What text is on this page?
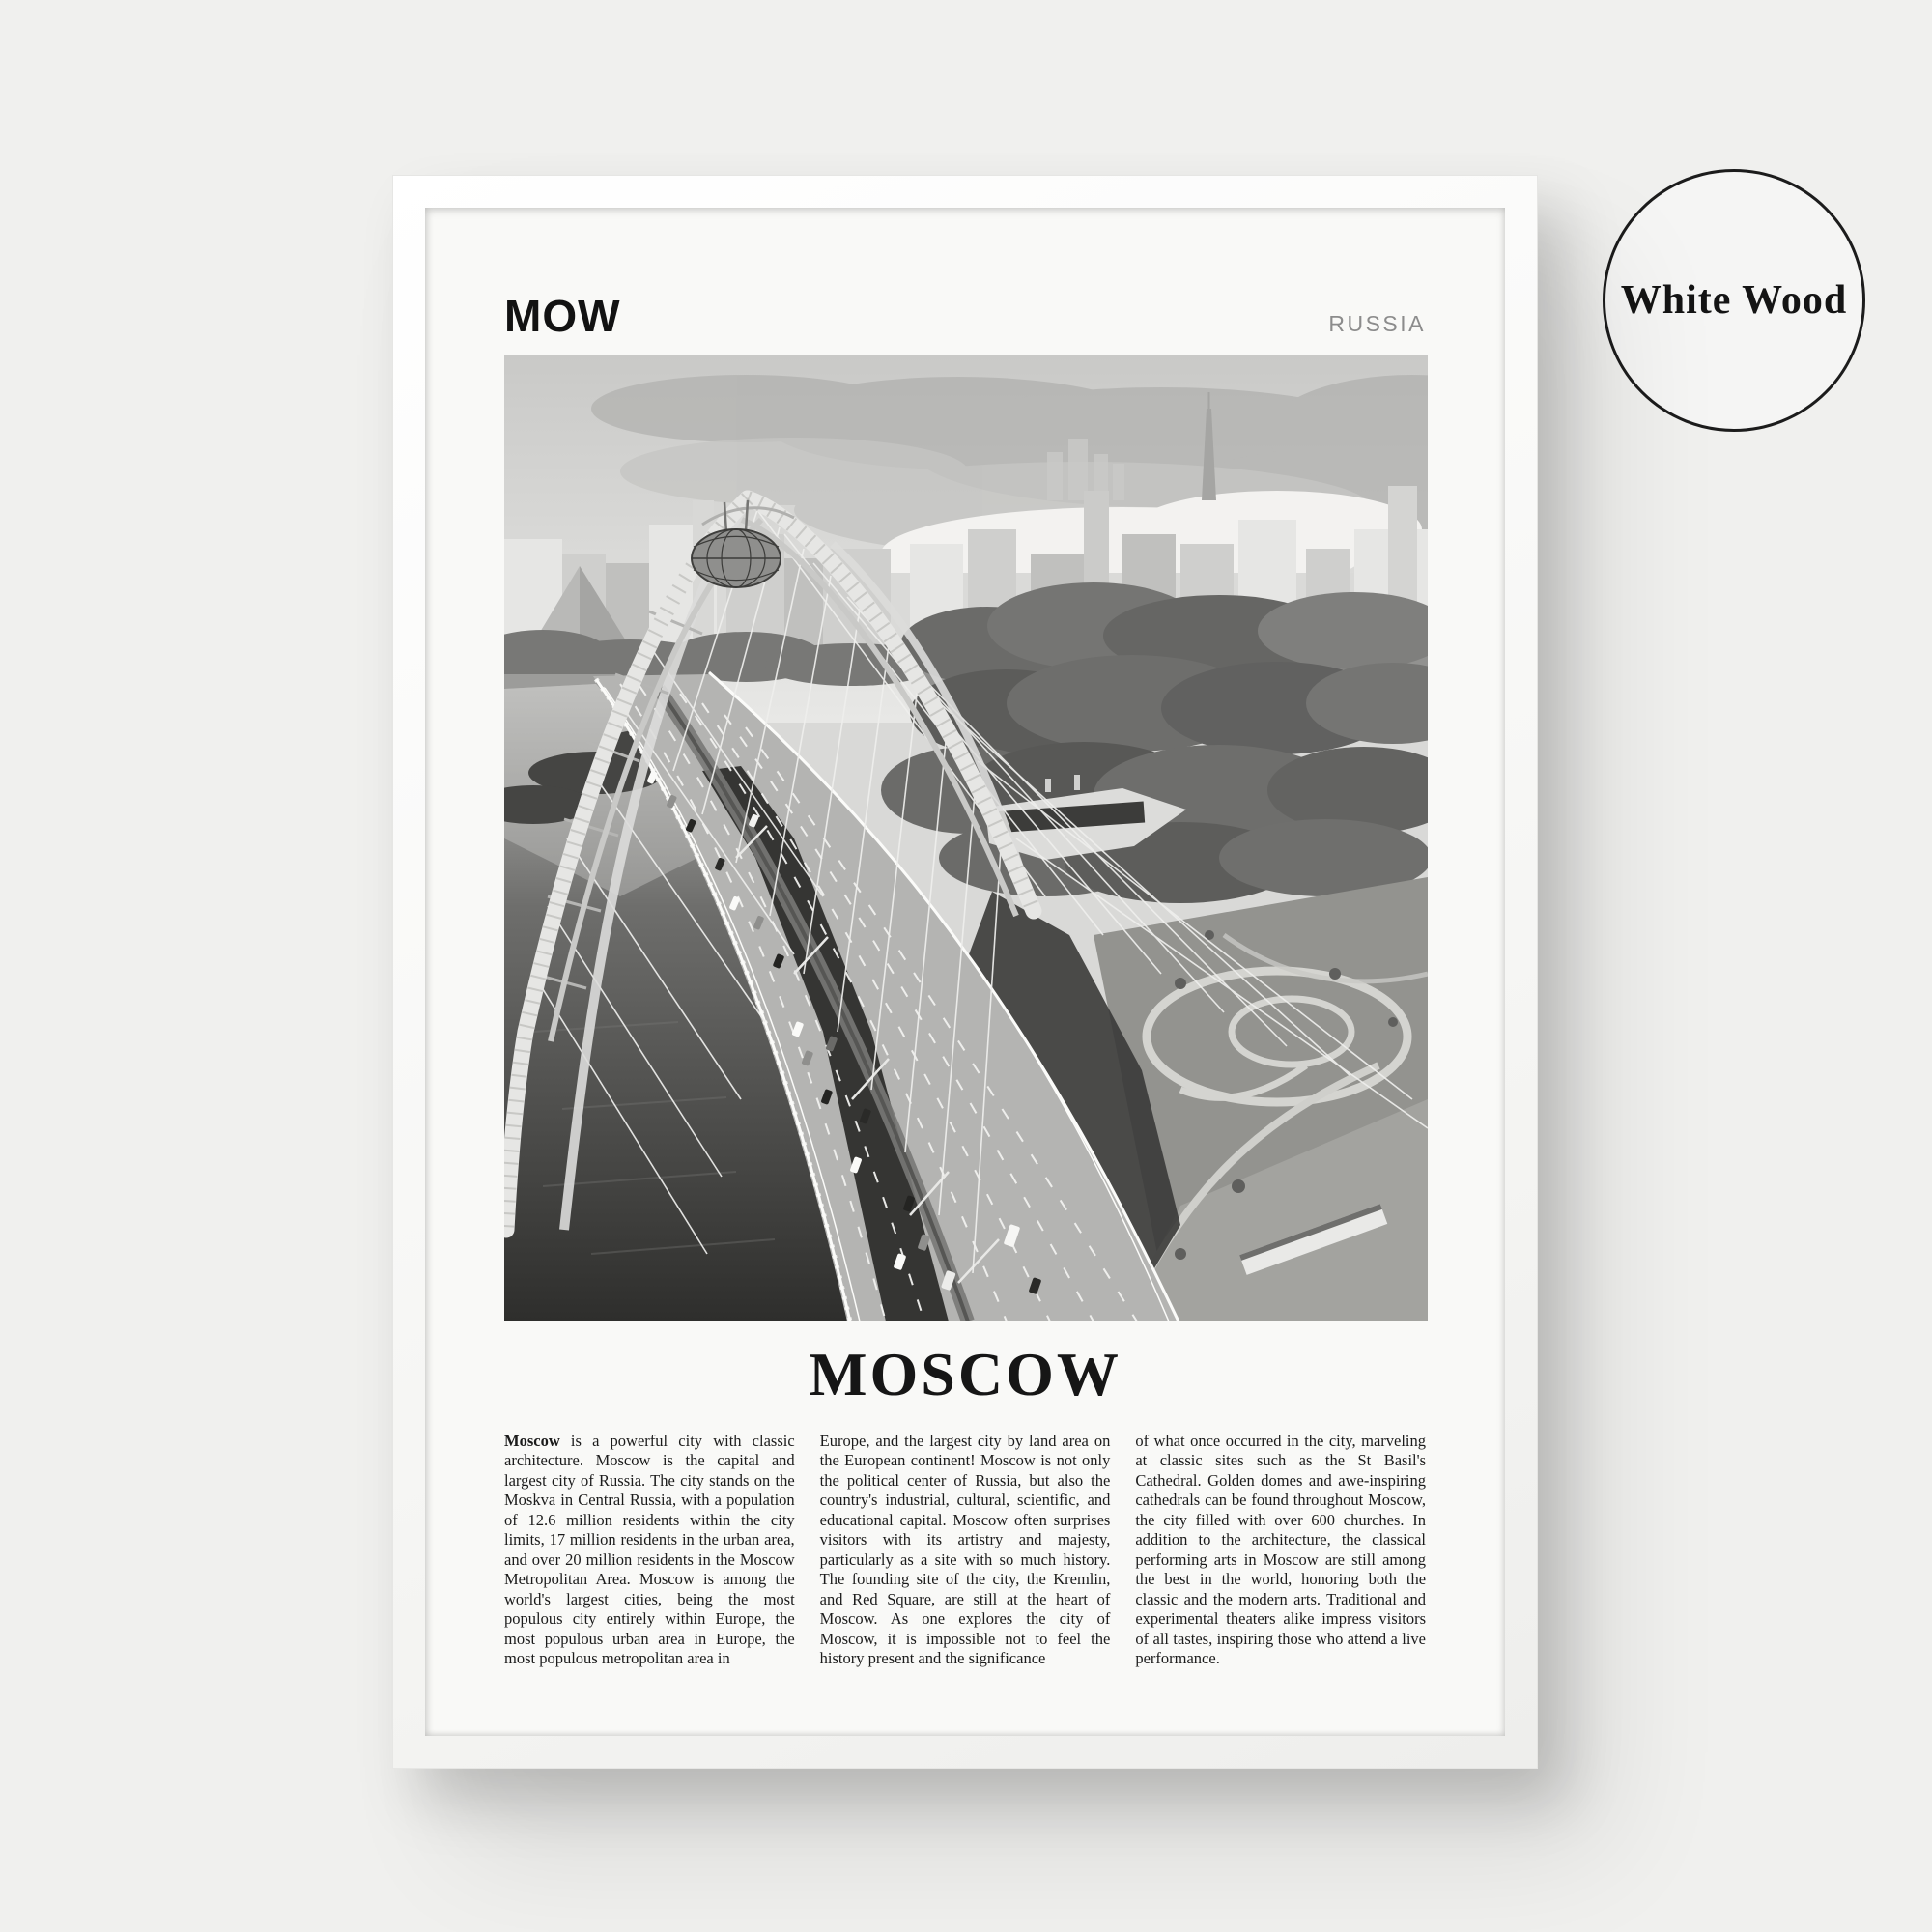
White Wood
MOW	RUSSIA
MOSCOW

Moscow is a powerful city with classic architecture. Moscow is the capital and largest city of Russia. The city stands on the Moskva in Central Russia, with a population of 12.6 million residents within the city limits, 17 million residents in the urban area, and over 20 million residents in the Moscow Metropolitan Area. Moscow is among the world's largest cities, being the most populous city entirely within Europe, the most populous urban area in Europe, the most populous metropolitan area in

Europe, and the largest city by land area on the European continent! Moscow is not only the political center of Russia, but also the country's industrial, cultural, scientific, and educational capital. Moscow often surprises visitors with its artistry and majesty, particularly as a site with so much history. The founding site of the city, the Kremlin, and Red Square, are still at the heart of Moscow. As one explores the city of Moscow, it is impossible not to feel the history present and the significance

of what once occurred in the city, marveling at classic sites such as the St Basil's Cathedral. Golden domes and awe-inspiring cathedrals can be found throughout Moscow, the city filled with over 600 churches. In addition to the architecture, the classical performing arts in Moscow are still among the best in the world, honoring both the classic and the modern arts. Traditional and experimental theaters alike impress visitors of all tastes, inspiring those who attend a live performance.
